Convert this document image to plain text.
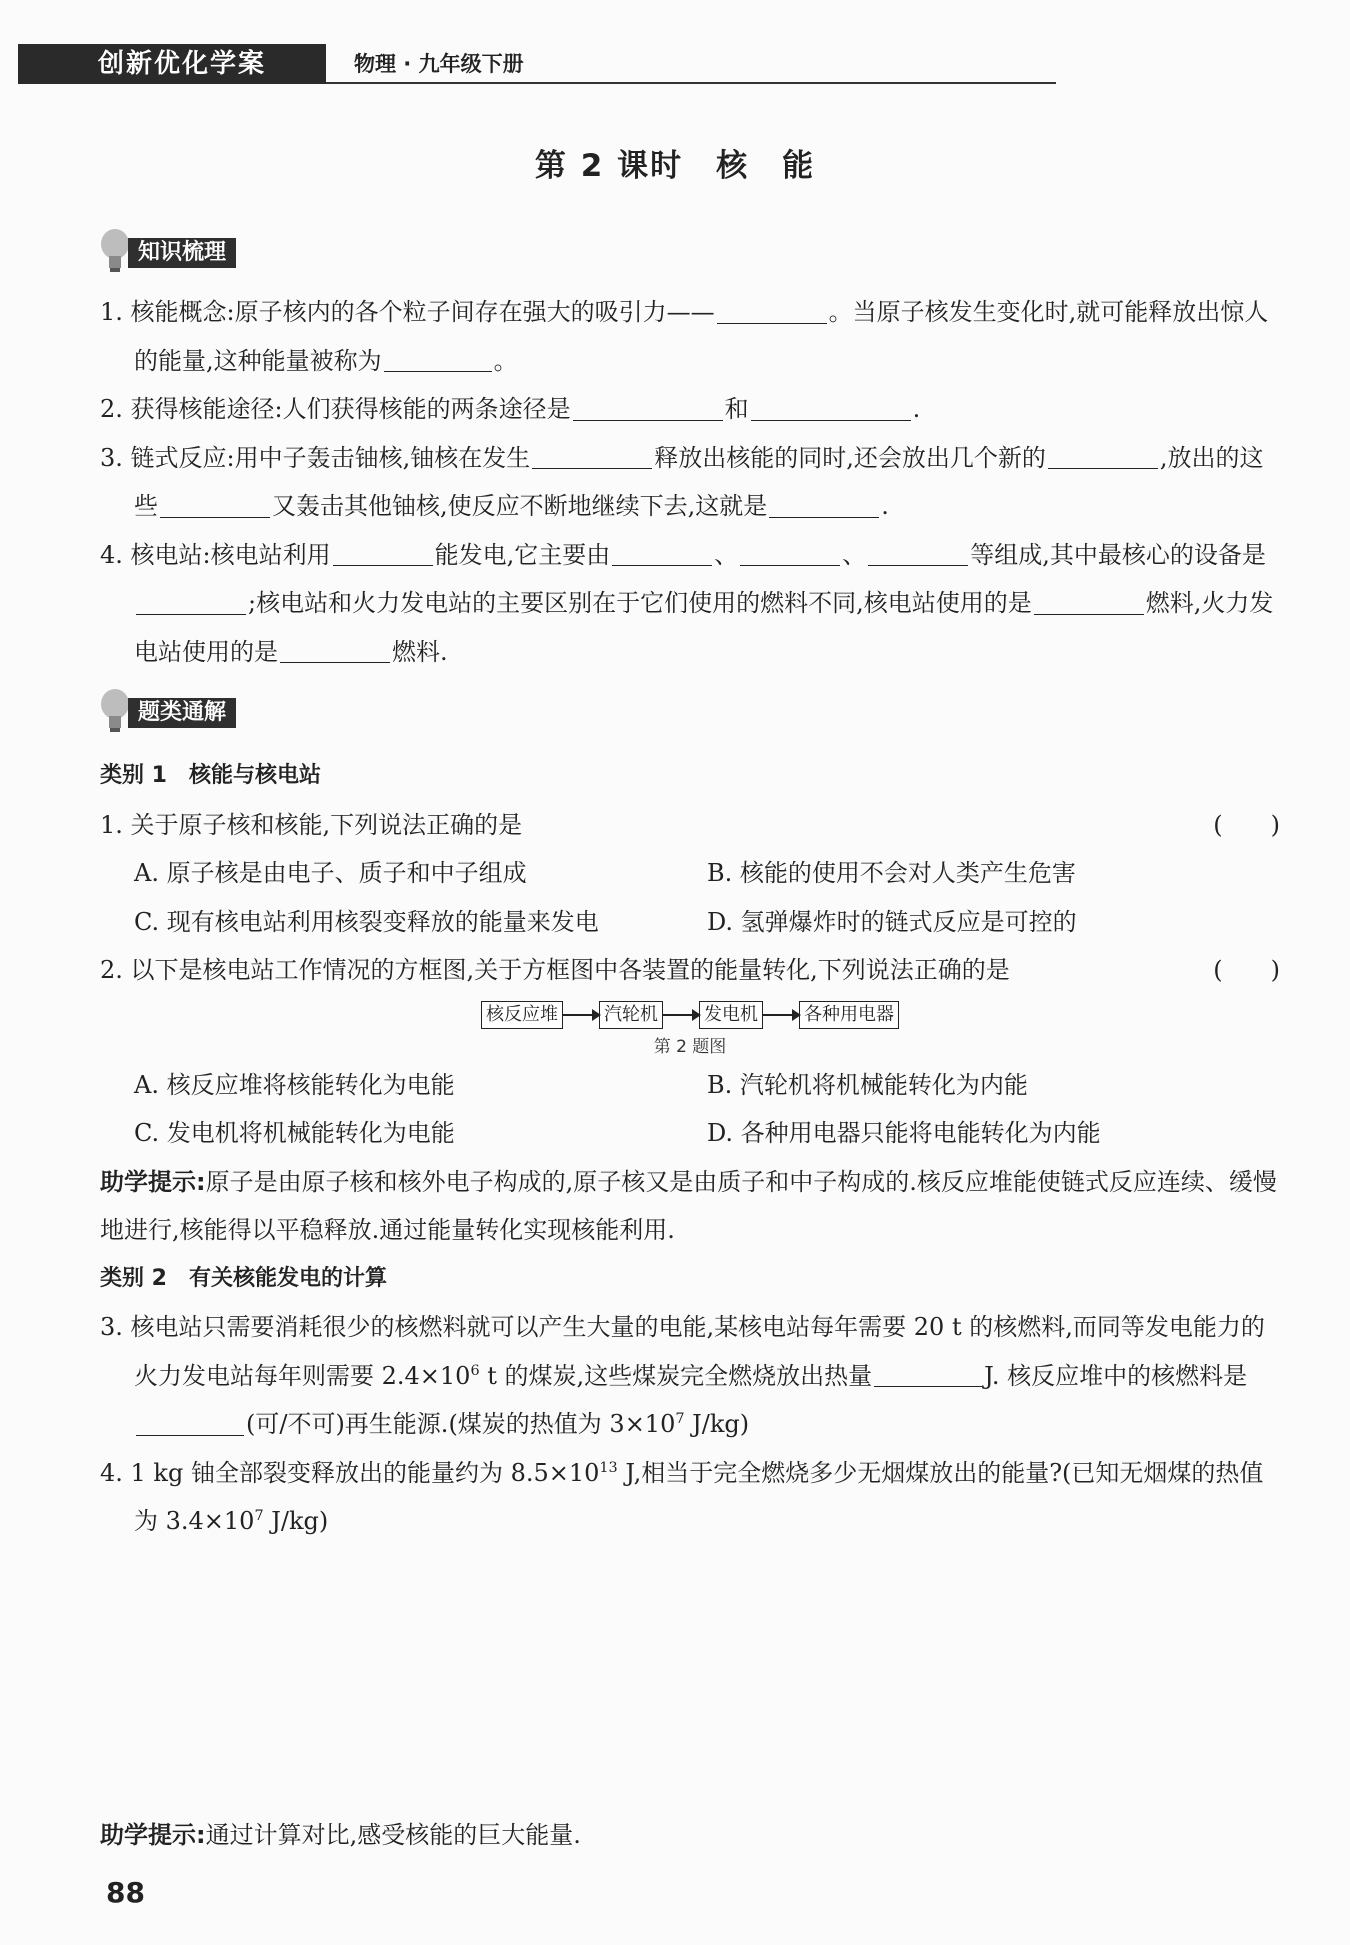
创新优化学案	物理 · 九年级下册
第 2 课时　核　能
知识梳理

1. 核能概念:原子核内的各个粒子间存在强大的吸引力——	。当原子核发生变化时,就可能释放出惊人的能量,这种能量被称为	。

2. 获得核能途径:人们获得核能的两条途径是	和	.

3. 链式反应:用中子轰击铀核,铀核在发生	释放出核能的同时,还会放出几个新的	,放出的这些	又轰击其他铀核,使反应不断地继续下去,这就是	.

4. 核电站:核电站利用	能发电,它主要由	、	、	等组成,其中最核心的设备是;核电站和火力发电站的主要区别在于它们使用的燃料不同,核电站使用的是	燃料,火力发电站使用的是	燃料.

题类通解
类别 1　核能与核电站
1. 关于原子核和核能,下列说法正确的是	(　　)
A. 原子核是由电子、质子和中子组成	B. 核能的使用不会对人类产生危害
C. 现有核电站利用核裂变释放的能量来发电	D. 氢弹爆炸时的链式反应是可控的
2. 以下是核电站工作情况的方框图,关于方框图中各装置的能量转化,下列说法正确的是	(　　)
核反应堆	汽轮机	发电机	各种用电器
第 2 题图
A. 核反应堆将核能转化为电能	B. 汽轮机将机械能转化为内能
C. 发电机将机械能转化为电能	D. 各种用电器只能将电能转化为内能
助学提示:原子是由原子核和核外电子构成的,原子核又是由质子和中子构成的.核反应堆能使链式反应连续、缓慢地进行,核能得以平稳释放.通过能量转化实现核能利用.
类别 2　有关核能发电的计算

3. 核电站只需要消耗很少的核燃料就可以产生大量的电能,某核电站每年需要 20 t 的核燃料,而同等发电能力的火力发电站每年则需要 $2.4\times 10^6$ t 的煤炭,这些煤炭完全燃烧放出热量	J. 核反应堆中的核燃料是(可/不可)再生能源.(煤炭的热值为 $3\times 10^7$ J/kg)

4. 1 kg 铀全部裂变释放出的能量约为 $8.5\times 10^{13}$ J,相当于完全燃烧多少无烟煤放出的能量?(已知无烟煤的热值为 $3.4\times 10^7$ J/kg)

助学提示:通过计算对比,感受核能的巨大能量.
88
